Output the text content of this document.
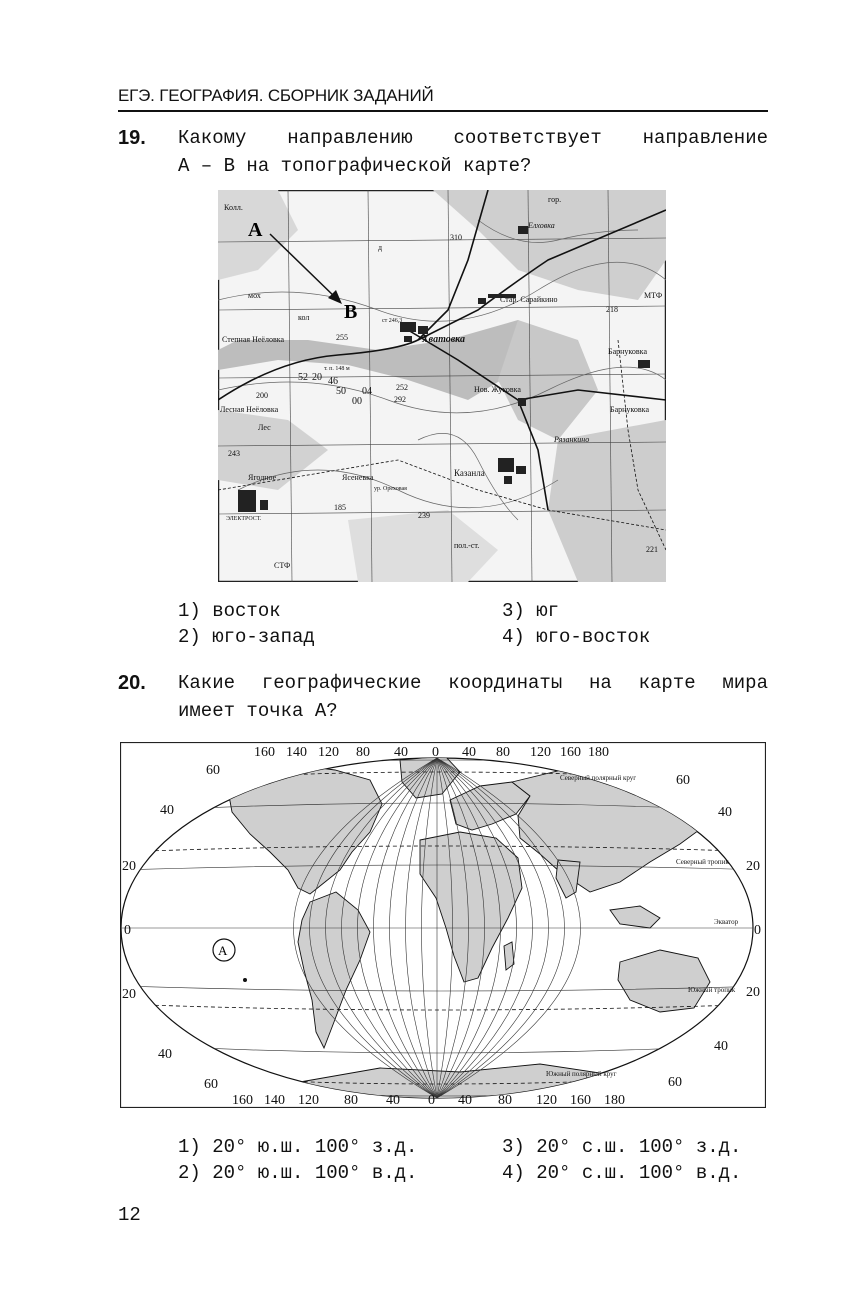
ЕГЭ. ГЕОГРАФИЯ. СБОРНИК ЗАДАНИЙ
19. Какому направлению соответствует направление
А – В на топографической карте?
A
B
Хватовка
Степная Неёловка
Лесная Неёловка
Барнуковка
Казанла
Рязанкино
Нов. Жуковка
Елховка
Стар. Сарайкино
Ясеневка
Барнуковка
Ягодное
ЭЛЕКТРОСТ.
СТФ
Колл.
ур. Ореховая
гор.
мох
д
кол
Лес
пол.-ст.
МТФ
т. п. 148 м
ст 246,3
310
252
255
218
200
243
185
239
292
221
04
52 20 46
50
00
1) восток
2) юго-запад
3) юг
4) юго-восток
20. Какие географические координаты на карте мира
имеет точка А?
A
160 140 120 80 40 0 40 80 120 160 180
160 140 120 80 40 0 40 80 120 160 180
60
40
20
0
20
40
60
60
40
20
0
20
40
60
Северный полярный круг
Северный тропик
Экватор
Южный тропик
Южный полярный круг
1) 20° ю.ш. 100° з.д.
2) 20° ю.ш. 100° в.д.
3) 20° с.ш. 100° з.д.
4) 20° с.ш. 100° в.д.
12
